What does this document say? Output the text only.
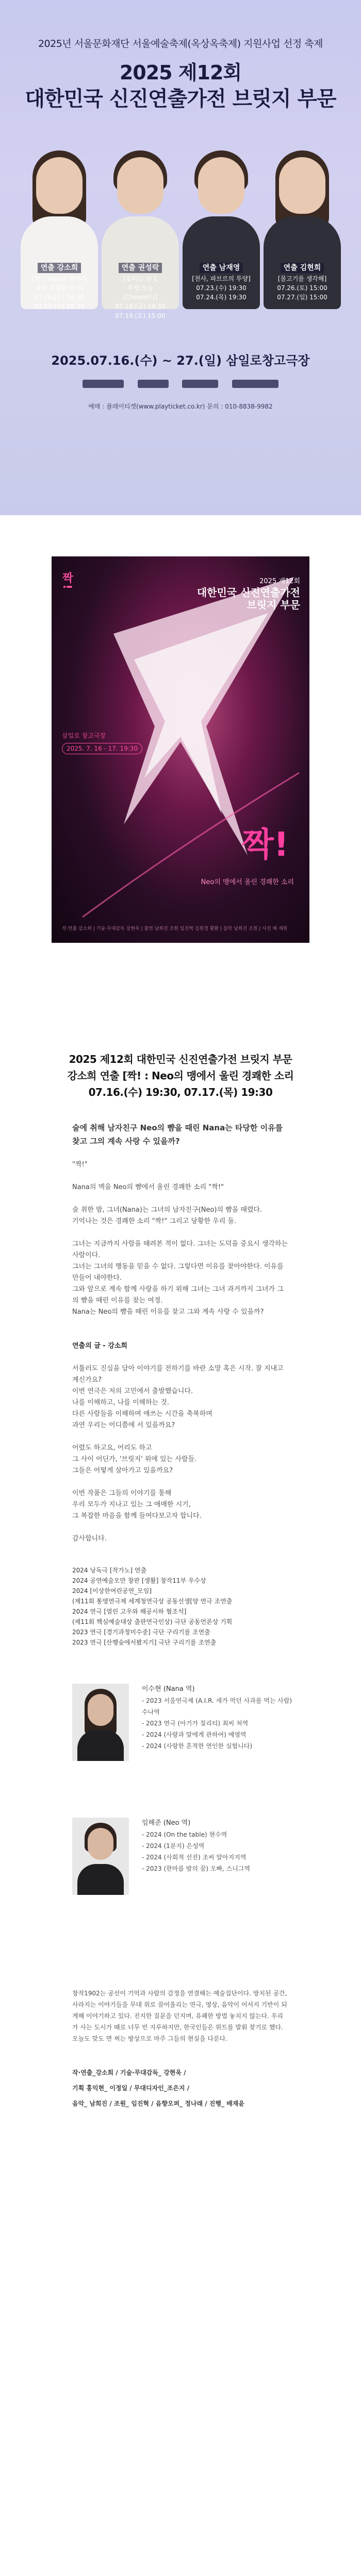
2025년 서울문화재단 서울예술축제(옥상옥축제) 지원사업 선정 축제
2025 제12회
대한민국 신진연출가전 브릿지 부문
연출 강소희
[짝! : Neo의 맹에서
울린 경쾌한 소리]
07.16.(수) 19:30
07.17.(목) 19:30
연출 권성락
[꽃피는 날 1
부제:오늘
(Cheers!!)]
07.18.(금) 19:30
07.19.(토) 15:00
연출 남재영
[천사, 파브르의 투양]
07.23.(수) 19:30
07.24.(목) 19:30
연출 김현희
[물고기를 생각해]
07.26.(토) 15:00
07.27.(일) 15:00
2025.07.16.(수) ~ 27.(일) 삼일로창고극장
예매 : 플레이티켓(www.playticket.co.kr) 문의 : 010-8838-9982
짝!	2025 제12회
대한민국 신진연출가전
브릿지 부문
삼일로 창고극장
2025. 7. 16 - 17. 19:30
짝!
Neo의 맹에서 울린 경쾌한 소리
작·연출 강소희 | 기술·무대감독 강현욱 | 출연 남희진 조원 임진혁 김원정 황환 | 음악 남희진 조원 | 사진 해 재원
2025 제12회 대한민국 신진연출가전 브릿지 부문
강소희 연출 [짝! : Neo의 맹에서 울린 경쾌한 소리
07.16.(수) 19:30, 07.17.(목) 19:30

술에 취해 남자친구 Neo의 뺨을 때린 Nana는 타당한 이유를 찾고 그의 계속 사랑 수 있을까?

"짝!"

Nana의 맥을 Neo의 뺨에서 울린 경쾌한 소리 "짝!"

술 취한 밤, 그녀(Nana)는 그녀의 남자친구(Neo)의 뺨을 때렸다.

기억나는 것은 경쾌한 소리 "짝!" 그리고 당황한 우리 둘.

그녀는 지금까지 사람을 때려본 적이 없다. 그녀는 도덕을 중요시 생각하는 사람이다.

그녀는 그녀의 행동을 믿을 수 없다. 그렇다면 이유를 찾아야한다. 이유를 만들어 내야한다.

그와 앞으로 계속 함께 사랑을 하기 위해 그녀는 그녀 과거까지 그녀가 그의 뺨을 때린 이유를 찾는 여정.

Nana는 Neo의 뺨을 때린 이유를 찾고 그와 계속 사랑 수 있을까?

연출의 글 - 강소희

서툴러도 진심을 담아 이야기를 전하기를 바란 소망 혹은 시작. 잘 지내고 계신가요?

이번 연극은 저의 고민에서 출발했습니다.

나를 이해하고, 나를 이해하는 것.

다른 사람들을 이해하며 애쓰는 시간을 축복하며

과연 우리는 어디쯤에 서 있을까요?

어렸도 하고요, 어리도 하고

그 사이 어딘가, '브릿지' 위에 있는 사람들.

그들은 어떻게 살아가고 있을까요?

이번 작품은 그들의 이야기를 통해

우리 모두가 지나고 있는 그 애매한 시기,

그 복잡한 마음을 함께 들여다보고자 합니다.

감사합니다.

2024 낭독극 [작가노] 연출

2024 공연예술오만 창판 [생활] 창작11부 우수상

2024 [이상한여린공연_모임]

(제11회 통영연극제 세계청연극상 공동선생[양 연극 조연출

2024 연극 [열린 고우와 해공시하 협조석]

(제11회 핵심예술대상 출판연극인상) 극단 공동언론상 기획

2023 연극 [경기과정미수중] 극단 구리기를 조연출

2023 연극 [산행숲에서봤지기] 극단 구리기를 조연출

이수현 (Nana 역)
- 2023 서울연극제 (A.I.R. 새가 먹던 사과를 먹는 사람) 수나역
- 2023 연극 (아기가 칠리티) 최씨 처역
- 2024 (사랑과 말에게 관하여) 예영역
- 2024 (사랑한 흔적한 연인한 실험니다)
임해준 (Neo 역)
- 2024 (On the table) 현수역
- 2024 (1분지) 은성역
- 2024 (사회적 선진) 조씨 알아지지역
- 2023 (한마름 밤의 꿈) 오빠, 스니그역

창작1902는 공선이 기억과 사람의 감정을 연결해는 예술집단이다. 방치된 공간, 사라지는 이야기들을 무대 위로 끌어올리는 연극, 영상, 음악이 어서지 기반이 되게해 이야기하고 있다. 진지한 질문을 던지며, 유쾌한 방법 놓치지 않는다. 우리가 사는 도시가 때로 너무 빈 지루하지만, 한국인들은 위트를 발휘 찾기로 했다. 오늘도 맞도 면 찌는 방상으로 마주 그들의 현실을 다룬다.

작·연출_강소희 / 기술·무대감독_ 강현욱 /

기획 홍익현_ 이정일 / 무대디자인_조은지 /

음악_ 남희진 / 조원_ 임진혁 / 음향오퍼_ 정나래 / 진행_ 배재윤
